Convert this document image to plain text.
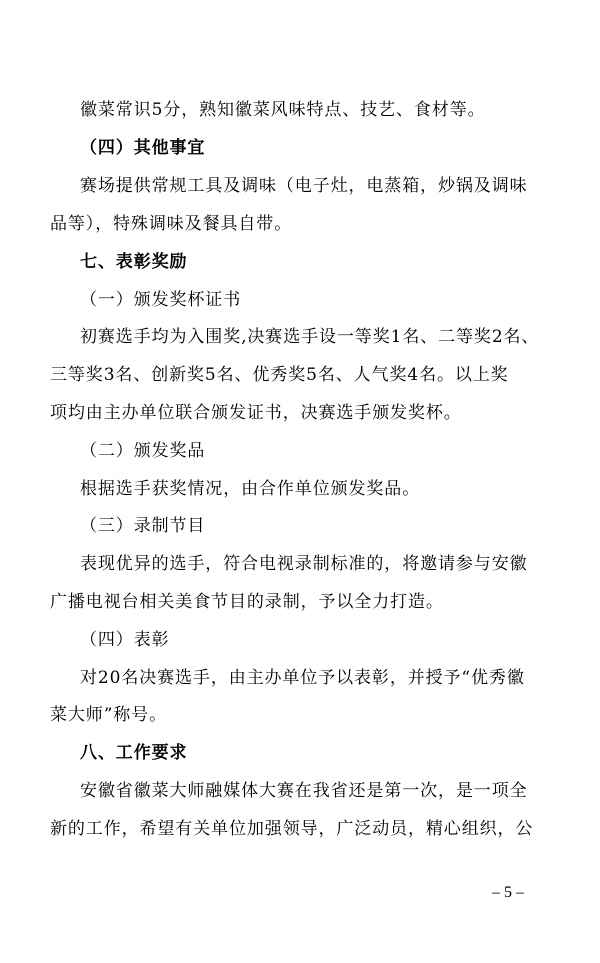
徽菜常识5分，熟知徽菜风味特点、技艺、食材等。
（四）其他事宜
赛场提供常规工具及调味（电子灶，电蒸箱，炒锅及调味
品等），特殊调味及餐具自带。
七、表彰奖励
（一）颁发奖杯证书
初赛选手均为入围奖,决赛选手设一等奖1名、二等奖2名、
三等奖3名、创新奖5名、优秀奖5名、人气奖4名。以上奖
项均由主办单位联合颁发证书，决赛选手颁发奖杯。
（二）颁发奖品
根据选手获奖情况，由合作单位颁发奖品。
（三）录制节目
表现优异的选手，符合电视录制标准的，将邀请参与安徽
广播电视台相关美食节目的录制，予以全力打造。
（四）表彰
对20名决赛选手，由主办单位予以表彰，并授予“优秀徽
菜大师”称号。
八、工作要求
安徽省徽菜大师融媒体大赛在我省还是第一次，是一项全
新的工作，希望有关单位加强领导，广泛动员，精心组织，公
– 5 –
